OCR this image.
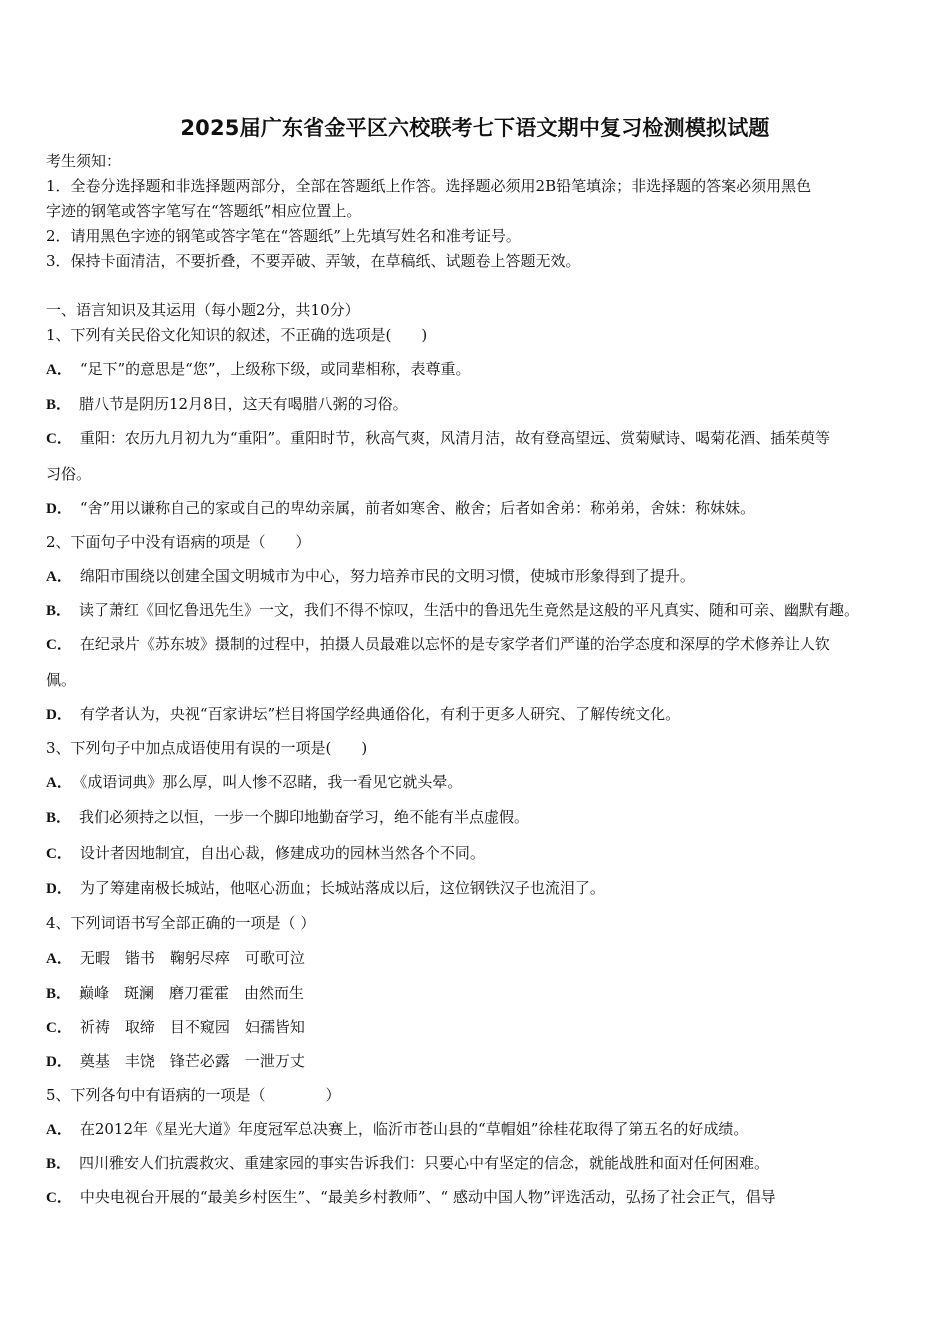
2025届广东省金平区六校联考七下语文期中复习检测模拟试题
考生须知：
1．全卷分选择题和非选择题两部分，全部在答题纸上作答。选择题必须用2B铅笔填涂；非选择题的答案必须用黑色
字迹的钢笔或答字笔写在“答题纸”相应位置上。
2．请用黑色字迹的钢笔或答字笔在“答题纸”上先填写姓名和准考证号。
3．保持卡面清洁，不要折叠，不要弄破、弄皱，在草稿纸、试题卷上答题无效。
一、语言知识及其运用（每小题2分，共10分）
1、下列有关民俗文化知识的叙述，不正确的选项是(　　)
A． “足下”的意思是“您”，上级称下级，或同辈相称，表尊重。
B． 腊八节是阴历12月8日，这天有喝腊八粥的习俗。
C． 重阳：农历九月初九为“重阳”。重阳时节，秋高气爽，风清月洁，故有登高望远、赏菊赋诗、喝菊花酒、插茱萸等
习俗。
D． “舍”用以谦称自己的家或自己的卑幼亲属，前者如寒舍、敝舍；后者如舍弟：称弟弟，舍妹：称妹妹。
2、下面句子中没有语病的项是（　　）
A． 绵阳市围绕以创建全国文明城市为中心，努力培养市民的文明习惯，使城市形象得到了提升。
B． 读了萧红《回忆鲁迅先生》一文，我们不得不惊叹，生活中的鲁迅先生竟然是这般的平凡真实、随和可亲、幽默有趣。
C． 在纪录片《苏东坡》摄制的过程中，拍摄人员最难以忘怀的是专家学者们严谨的治学态度和深厚的学术修养让人钦
佩。
D． 有学者认为，央视“百家讲坛”栏目将国学经典通俗化，有利于更多人研究、了解传统文化。
3、下列句子中加点成语使用有误的一项是(　　)
A． 《成语词典》那么厚，叫人惨不忍睹，我一看见它就头晕。
B． 我们必须持之以恒，一步一个脚印地勤奋学习，绝不能有半点虚假。
C． 设计者因地制宜，自出心裁，修建成功的园林当然各个不同。
D． 为了筹建南极长城站，他呕心沥血；长城站落成以后，这位钢铁汉子也流泪了。
4、下列词语书写全部正确的一项是（ ）
A． 无暇　锴书　鞠躬尽瘁　可歌可泣
B． 巅峰　斑澜　磨刀霍霍　由然而生
C． 祈祷　取缔　目不窥园　妇孺皆知
D． 奠基　丰饶　锋芒必露　一泄万丈
5、下列各句中有语病的一项是（　　　　）
A． 在2012年《星光大道》年度冠军总决赛上，临沂市苍山县的“草帽姐”徐桂花取得了第五名的好成绩。
B． 四川雅安人们抗震救灾、重建家园的事实告诉我们：只要心中有坚定的信念，就能战胜和面对任何困难。
C． 中央电视台开展的“最美乡村医生”、“最美乡村教师”、“ 感动中国人物”评选活动，弘扬了社会正气，倡导
